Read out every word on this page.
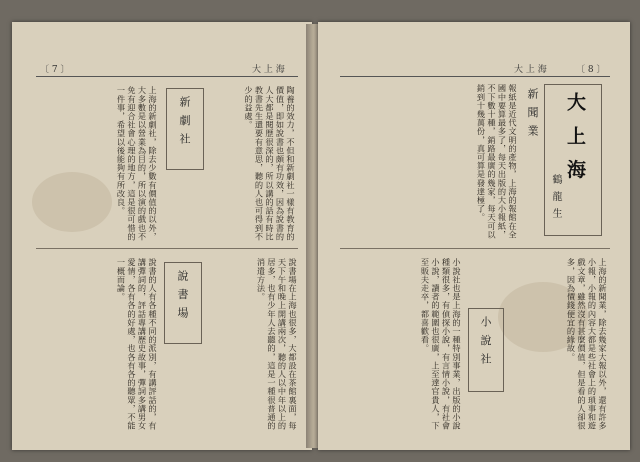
〔 7 〕	大 上 海
陶養的效力，不但和新劇社一樣有教育的價值，即如說書也頗有功效，因為說書的人大都是閱歷很深的，所以講的話有時比教書先生還要有意思，聽的人也可得到不少的益處。
新 劇 社
上海的新劇社，除去少數有價值的以外，大多數是以營業為目的，所以演的戲也不免有迎合社會心理的地方，這是很可惜的一件事，希望以後能夠有所改良。
說書場在上海也很多，大都設在茶館裏面，每天下午和晚上開講兩次，聽的人以中年以上的居多，也有少年人去聽的，這是一種很普通的消遣方法。
說 書 場
說書的人有各種不同的派別，有講評話的，有講彈詞的，評話專講歷史故事，彈詞多講男女愛情，各有各的好處，也各有各的聽眾，不能一概而論。
大 上 海	〔 8 〕
大 上 海
鶴 龍 生
新 聞 業
報紙是近代文明的產物，上海的報館在全國中要算最多了，每天出版的大小報紙，不下數十種，銷路最廣的幾家，每天可以銷到十幾萬份，真可算是發達極了。
上海的新聞業，除去幾家大報以外，還有許多小報，小報的內容大都是些社會上的瑣事和遊戲文章，雖然沒有甚麼價值，但是看的人卻很多，因為價錢便宜的緣故。
小 說 社
小說社也是上海的一種特別事業，出版的小說種類很多，有偵探小說，有言情小說，有社會小說，讀者的範圍也很廣，上至達官貴人，下至販夫走卒，都喜歡看。
